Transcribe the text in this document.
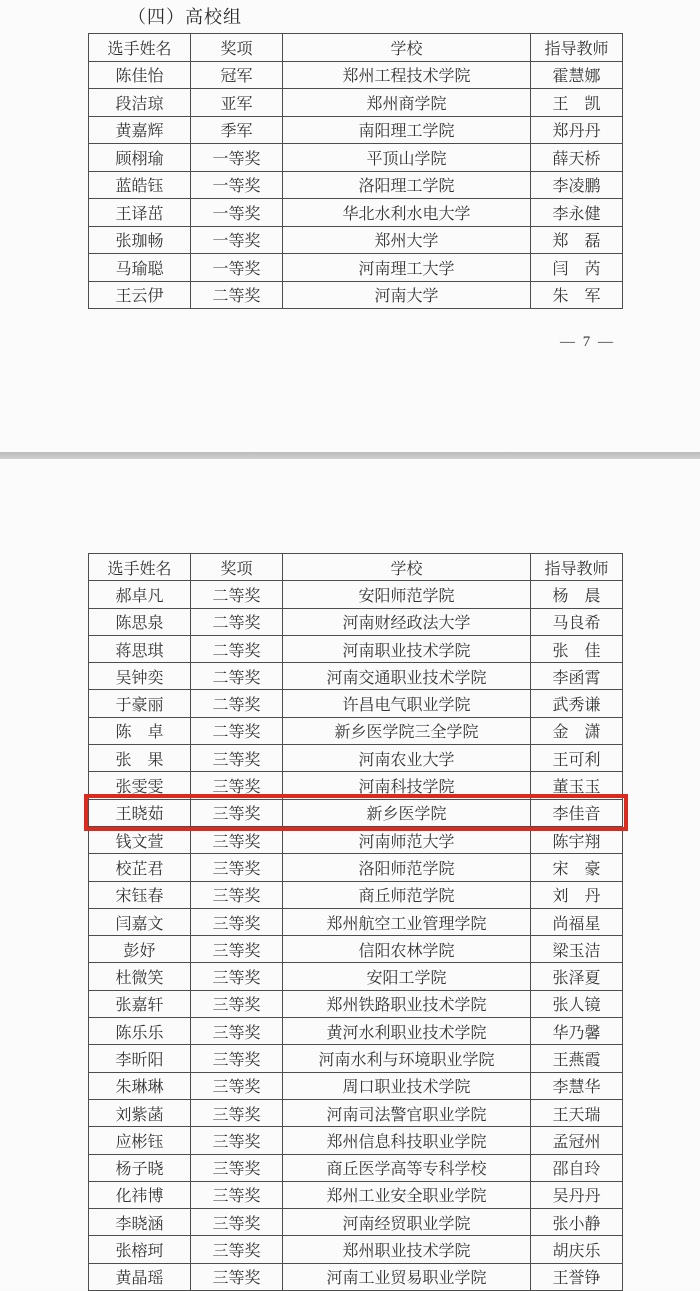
（四）高校组
选手姓名	奖项	学校	指导教师
陈佳怡	冠军	郑州工程技术学院	霍慧娜
段洁琼	亚军	郑州商学院	王　凯
黄嘉辉	季军	南阳理工学院	郑丹丹
顾栩瑜	一等奖	平顶山学院	薛天桥
蓝皓钰	一等奖	洛阳理工学院	李凌鹏
王译茁	一等奖	华北水利水电大学	李永健
张珈畅	一等奖	郑州大学	郑　磊
马瑜聪	一等奖	河南理工大学	闫　芮
王云伊	二等奖	河南大学	朱　军
— 7 —
选手姓名	奖项	学校	指导教师
郝卓凡	二等奖	安阳师范学院	杨　晨
陈思泉	二等奖	河南财经政法大学	马良希
蒋思琪	二等奖	河南职业技术学院	张　佳
吴钟奕	二等奖	河南交通职业技术学院	李函霄
于豪丽	二等奖	许昌电气职业学院	武秀谦
陈　卓	二等奖	新乡医学院三全学院	金　潇
张　果	三等奖	河南农业大学	王可利
张雯雯	三等奖	河南科技学院	董玉玉
王晓茹	三等奖	新乡医学院	李佳音
钱文萱	三等奖	河南师范大学	陈宇翔
校芷君	三等奖	洛阳师范学院	宋　豪
宋钰春	三等奖	商丘师范学院	刘　丹
闫嘉文	三等奖	郑州航空工业管理学院	尚福星
彭妤	三等奖	信阳农林学院	梁玉洁
杜微笑	三等奖	安阳工学院	张泽夏
张嘉轩	三等奖	郑州铁路职业技术学院	张人镜
陈乐乐	三等奖	黄河水利职业技术学院	华乃馨
李昕阳	三等奖	河南水利与环境职业学院	王燕霞
朱琳琳	三等奖	周口职业技术学院	李慧华
刘紫菡	三等奖	河南司法警官职业学院	王天瑞
应彬钰	三等奖	郑州信息科技职业学院	孟冠州
杨子晓	三等奖	商丘医学高等专科学校	邵自玲
化祎博	三等奖	郑州工业安全职业学院	吴丹丹
李晓涵	三等奖	河南经贸职业学院	张小静
张榕珂	三等奖	郑州职业技术学院	胡庆乐
黄晶瑶	三等奖	河南工业贸易职业学院	王誉铮
